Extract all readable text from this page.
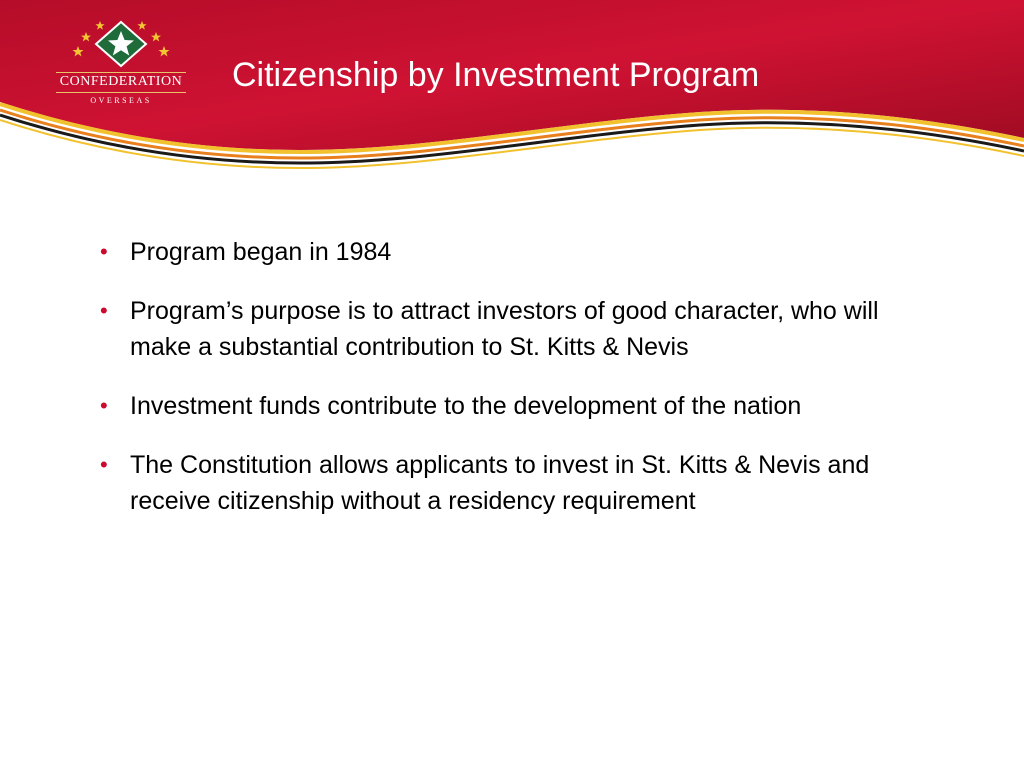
CONFEDERATION
OVERSEAS
Citizenship by Investment Program
• Program began in 1984
• Program’s purpose is to attract investors of good character, who will make a substantial contribution to St. Kitts & Nevis
• Investment funds contribute to the development of the nation
• The Constitution allows applicants to invest in St. Kitts & Nevis and receive citizenship without a residency requirement
